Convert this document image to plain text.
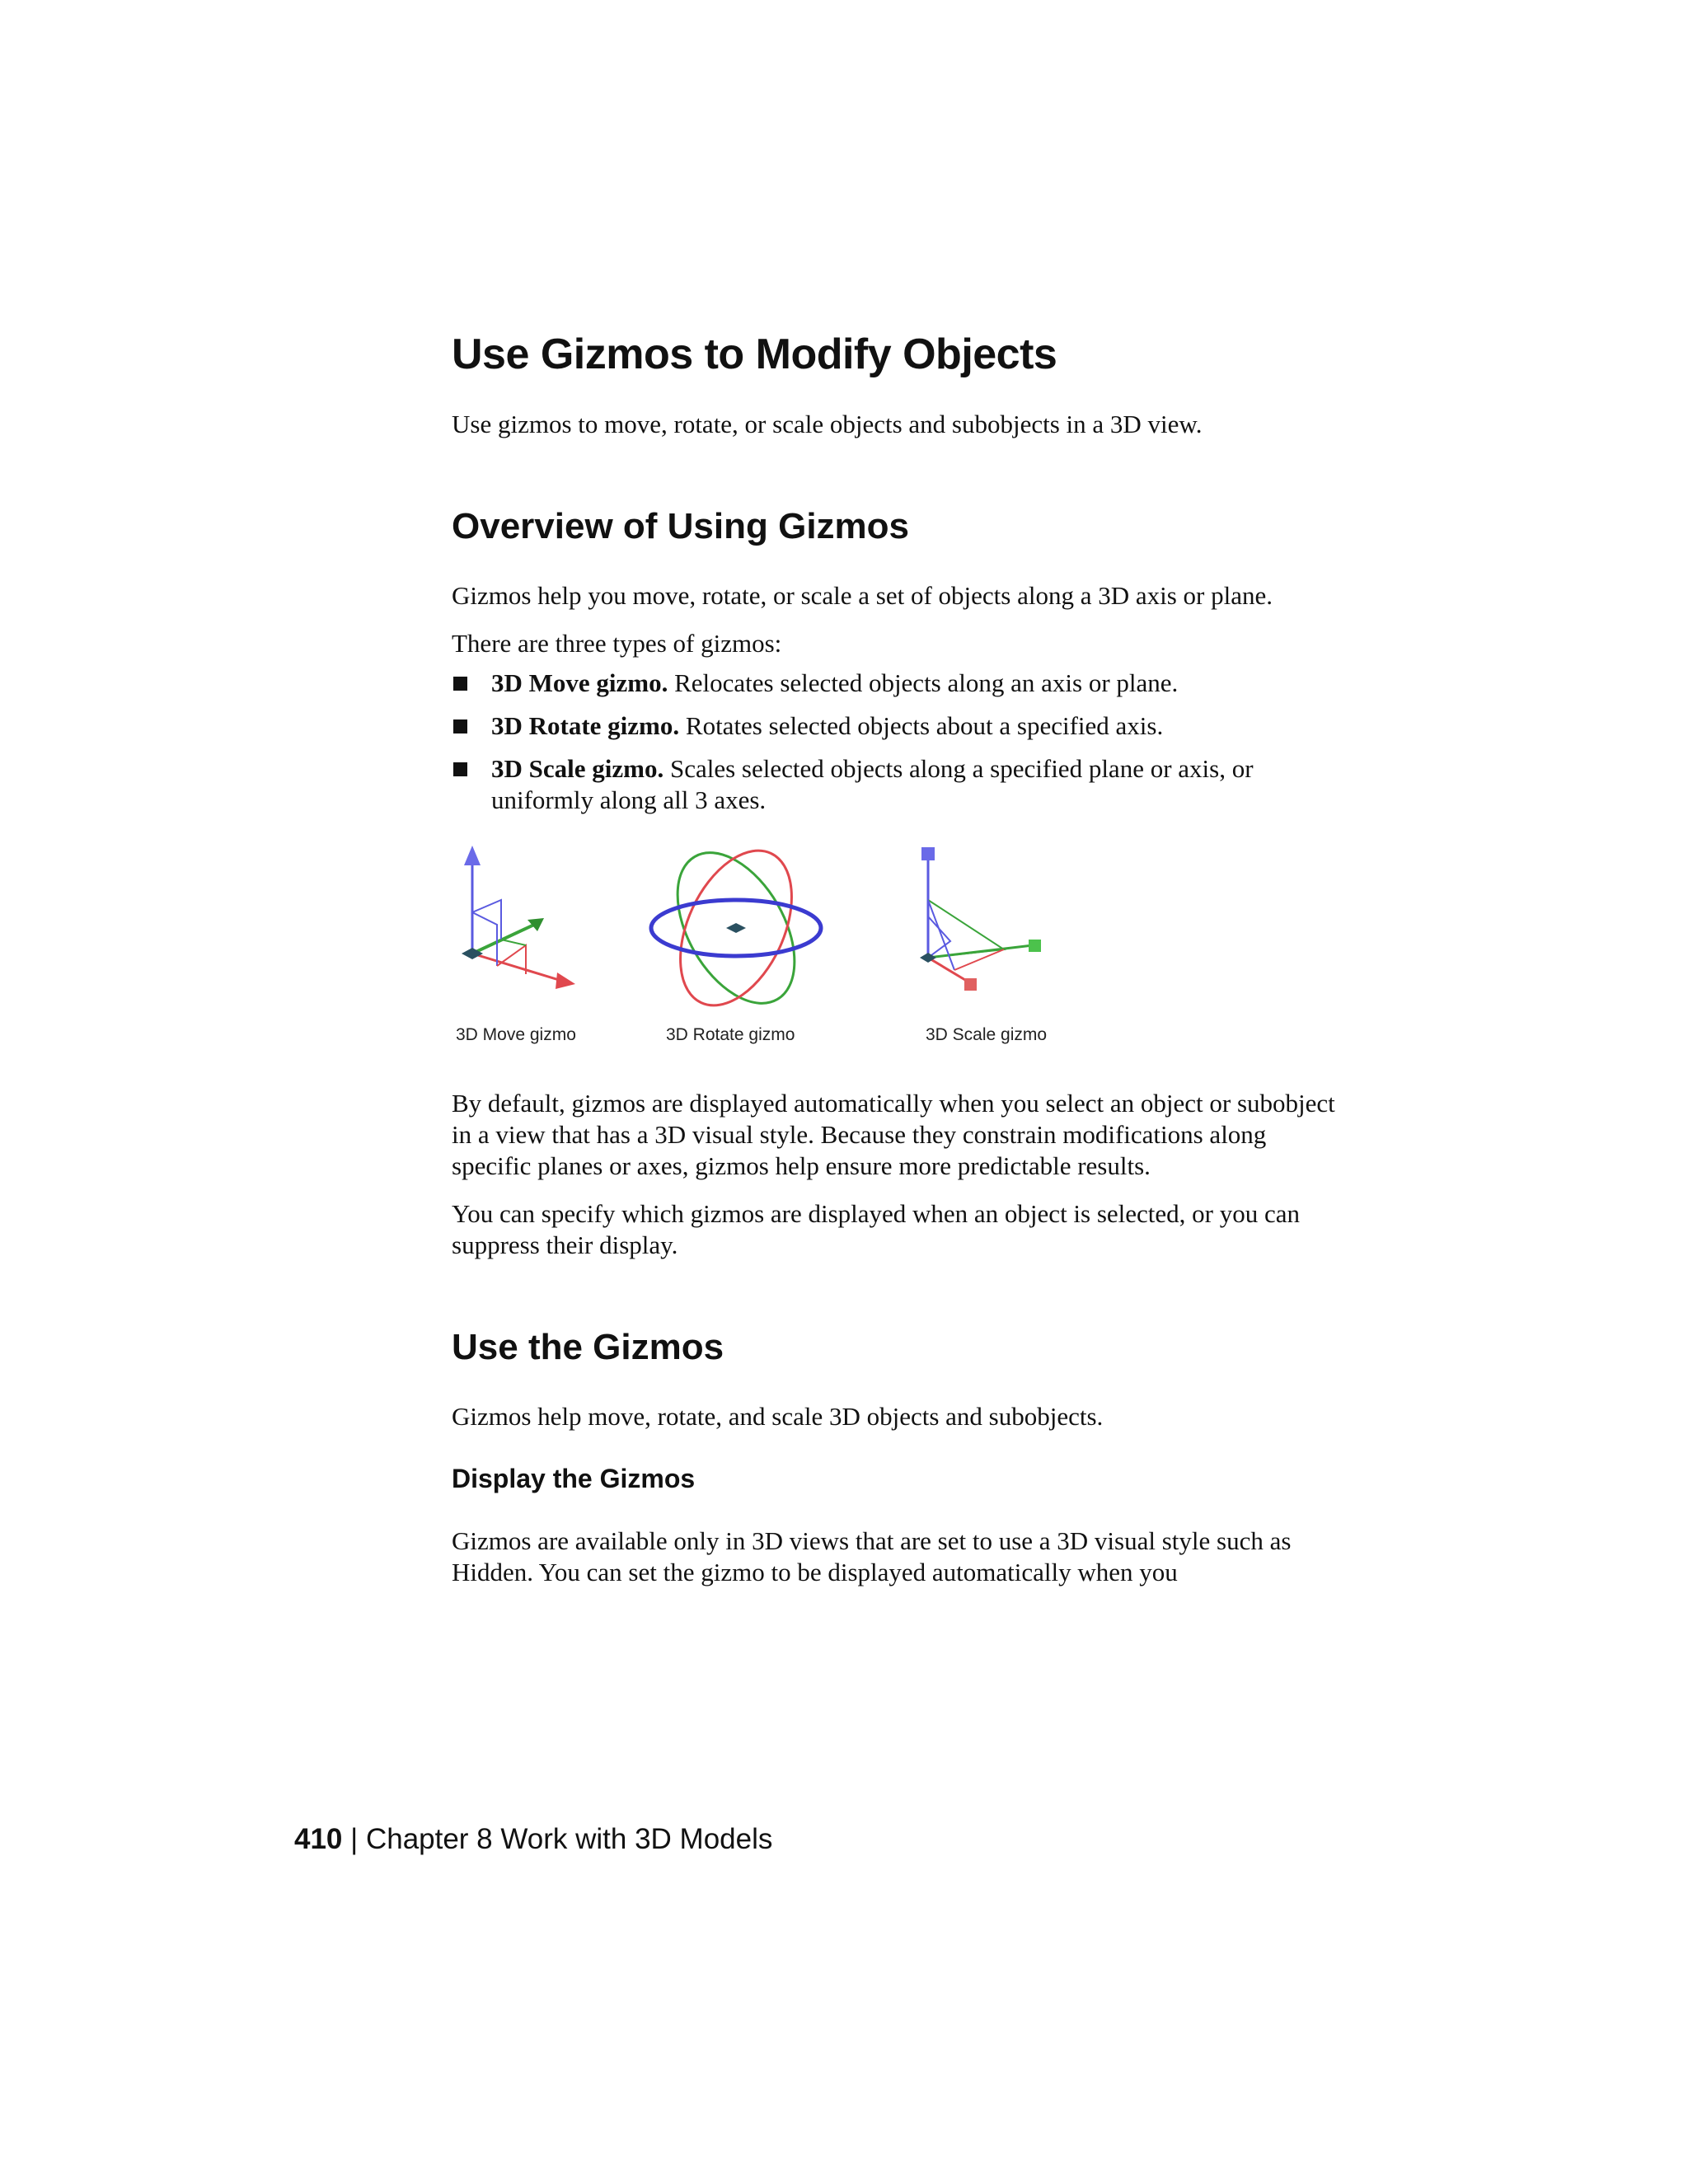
Use Gizmos to Modify Objects

Use gizmos to move, rotate, or scale objects and subobjects in a 3D view.

Overview of Using Gizmos

Gizmos help you move, rotate, or scale a set of objects along a 3D axis or plane.

There are three types of gizmos:

3D Move gizmo. Relocates selected objects along an axis or plane.
3D Rotate gizmo. Rotates selected objects about a specified axis.
3D Scale gizmo. Scales selected objects along a specified plane or axis, or uniformly along all 3 axes.
3D Move gizmo	3D Rotate gizmo	3D Scale gizmo

By default, gizmos are displayed automatically when you select an object or subobject in a view that has a 3D visual style. Because they constrain modifications along specific planes or axes, gizmos help ensure more predictable results.

You can specify which gizmos are displayed when an object is selected, or you can suppress their display.

Use the Gizmos

Gizmos help move, rotate, and scale 3D objects and subobjects.

Display the Gizmos

Gizmos are available only in 3D views that are set to use a 3D visual style such as Hidden. You can set the gizmo to be displayed automatically when you

410 | Chapter 8 Work with 3D Models
